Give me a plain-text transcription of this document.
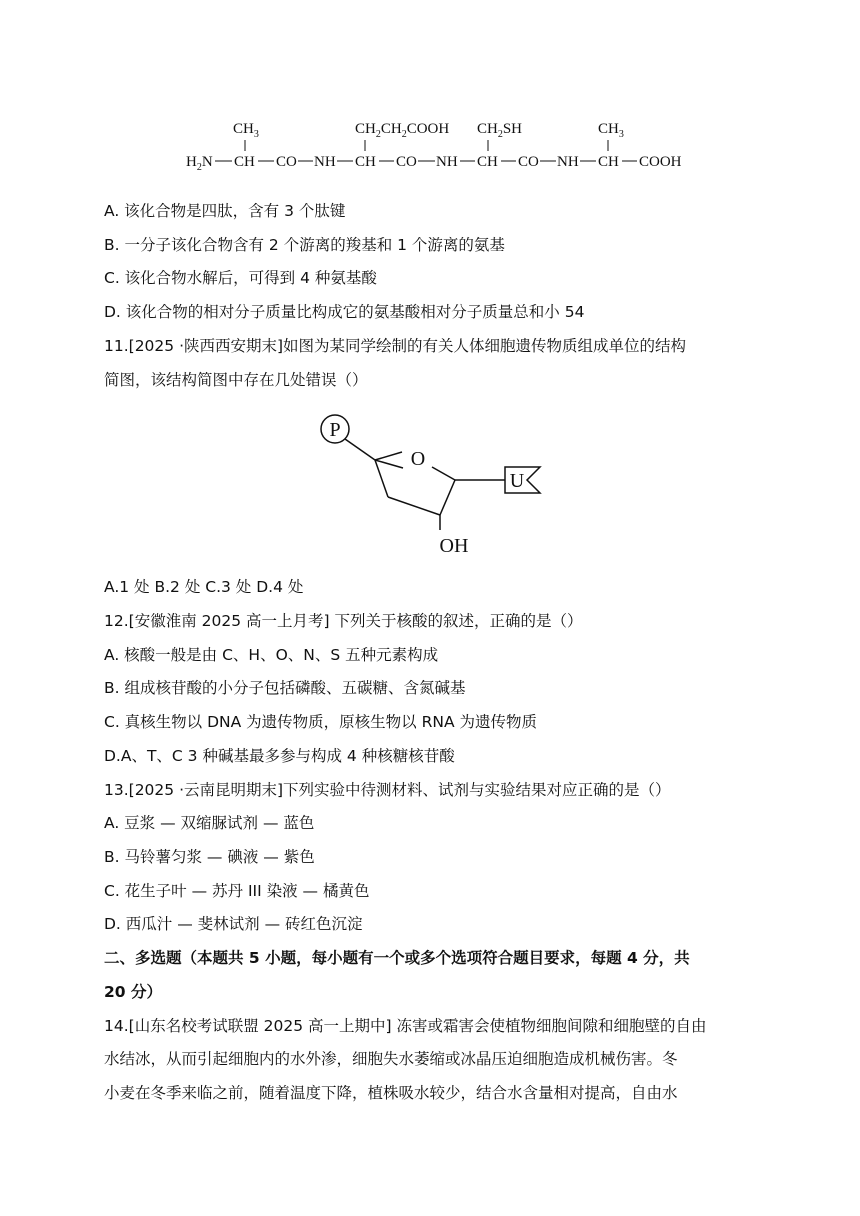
$CH_3$	$CH_2CH_2COOH$ $CH_2SH$	$CH_3$
$H_2N$ CH CO NH CH CO NH CH CO NH CH COOH
A. 该化合物是四肽，含有 3 个肽键
B. 一分子该化合物含有 2 个游离的羧基和 1 个游离的氨基
C. 该化合物水解后，可得到 4 种氨基酸
D. 该化合物的相对分子质量比构成它的氨基酸相对分子质量总和小 54
11.[2025 ·陕西西安期末]如图为某同学绘制的有关人体细胞遗传物质组成单位的结构
简图，该结构简图中存在几处错误（）
P
O
OH
U
A.1 处 B.2 处 C.3 处 D.4 处
12.[安徽淮南 2025 高一上月考] 下列关于核酸的叙述，正确的是（）
A. 核酸一般是由 C、H、O、N、S 五种元素构成
B. 组成核苷酸的小分子包括磷酸、五碳糖、含氮碱基
C. 真核生物以 DNA 为遗传物质，原核生物以 RNA 为遗传物质
D.A、T、C 3 种碱基最多参与构成 4 种核糖核苷酸
13.[2025 ·云南昆明期末]下列实验中待测材料、试剂与实验结果对应正确的是（）
A. 豆浆 — 双缩脲试剂 — 蓝色
B. 马铃薯匀浆 — 碘液 — 紫色
C. 花生子叶 — 苏丹 III 染液 — 橘黄色
D. 西瓜汁 — 斐林试剂 — 砖红色沉淀
二、多选题（本题共 5 小题，每小题有一个或多个选项符合题目要求，每题 4 分，共
20 分）
14.[山东名校考试联盟 2025 高一上期中] 冻害或霜害会使植物细胞间隙和细胞壁的自由
水结冰，从而引起细胞内的水外渗，细胞失水萎缩或冰晶压迫细胞造成机械伤害。冬
小麦在冬季来临之前，随着温度下降，植株吸水较少，结合水含量相对提高，自由水
